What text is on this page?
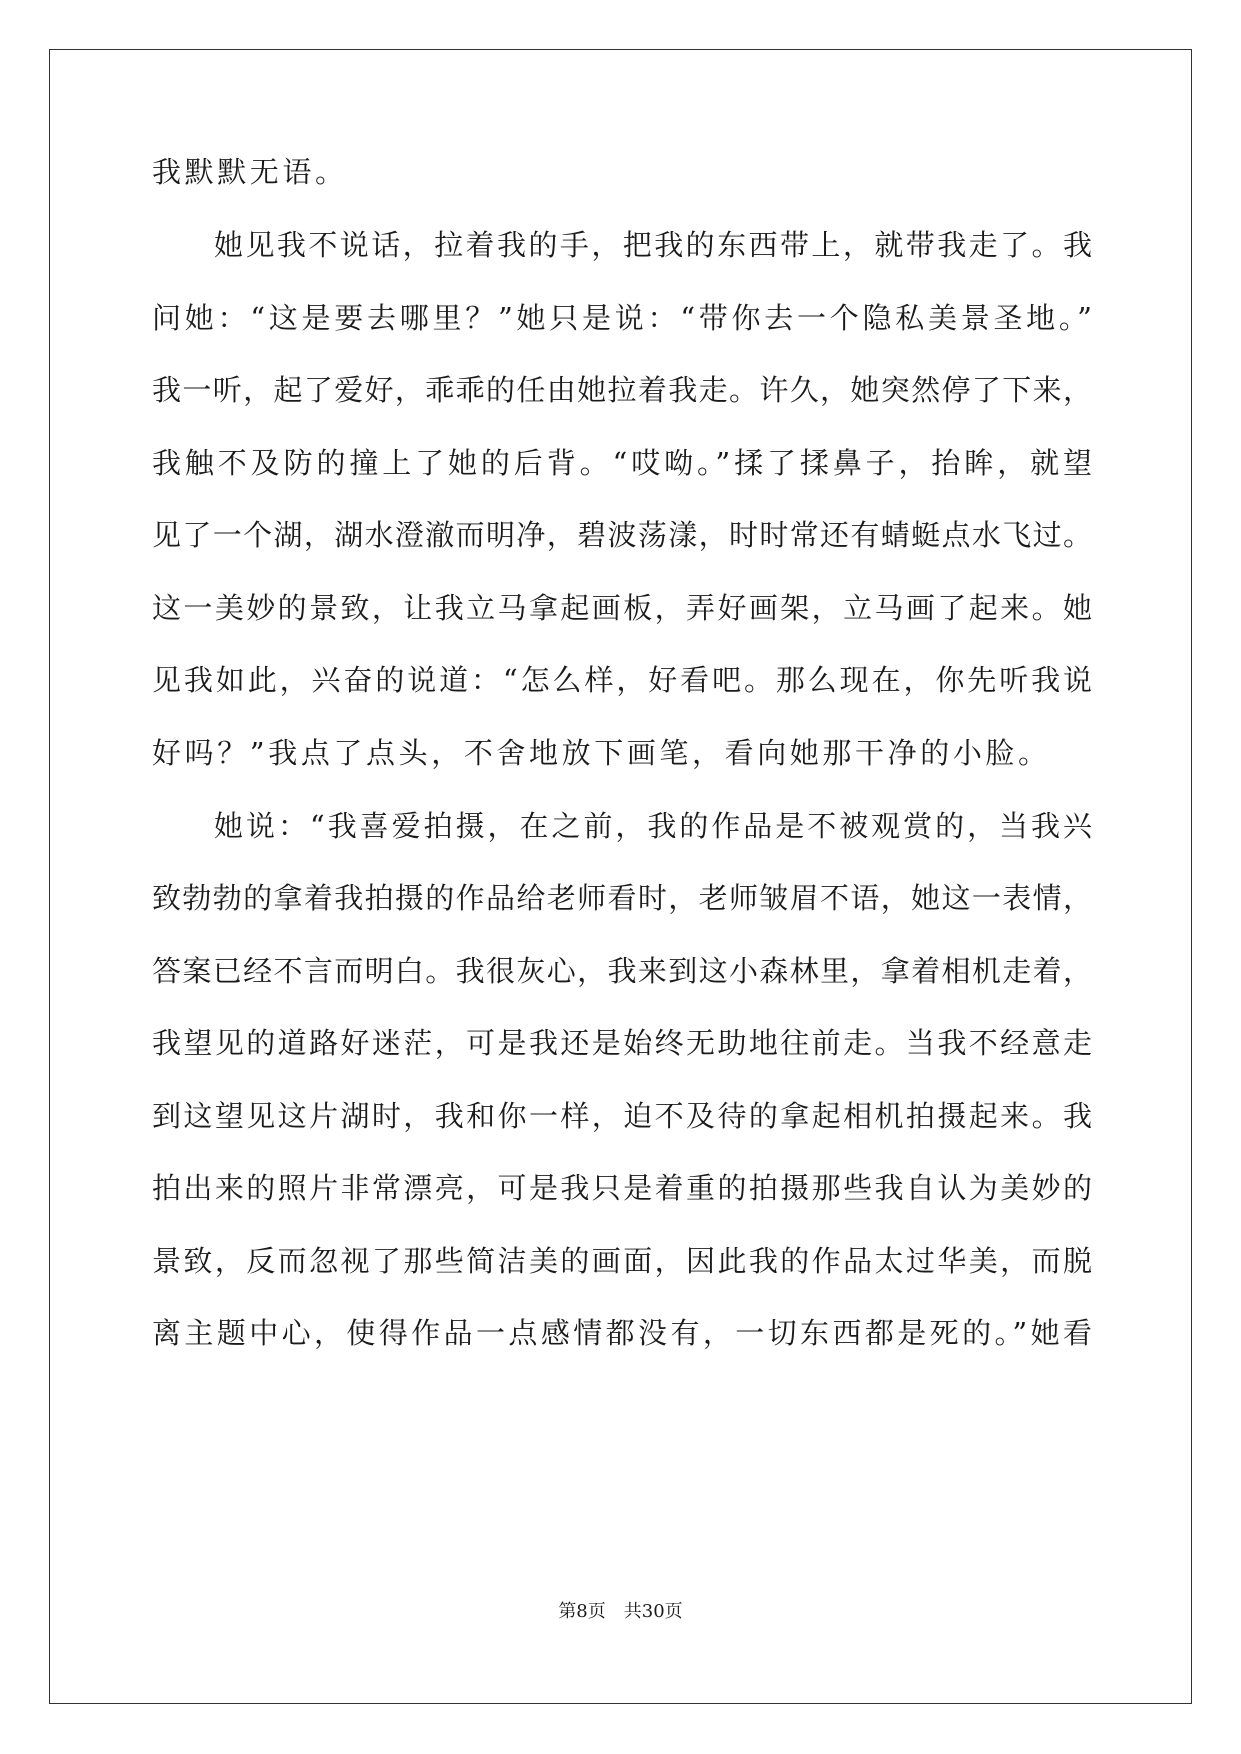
我默默无语。
她见我不说话，拉着我的手，把我的东西带上，就带我走了。我
问她：“这是要去哪里？”她只是说：“带你去一个隐私美景圣地。”
我一听，起了爱好，乖乖的任由她拉着我走。许久，她突然停了下来，
我触不及防的撞上了她的后背。“哎呦。”揉了揉鼻子，抬眸，就望
见了一个湖，湖水澄澈而明净，碧波荡漾，时时常还有蜻蜓点水飞过。
这一美妙的景致，让我立马拿起画板，弄好画架，立马画了起来。她
见我如此，兴奋的说道：“怎么样，好看吧。那么现在，你先听我说
好吗？”我点了点头，不舍地放下画笔，看向她那干净的小脸。
她说：“我喜爱拍摄，在之前，我的作品是不被观赏的，当我兴
致勃勃的拿着我拍摄的作品给老师看时，老师皱眉不语，她这一表情，
答案已经不言而明白。我很灰心，我来到这小森林里，拿着相机走着，
我望见的道路好迷茫，可是我还是始终无助地往前走。当我不经意走
到这望见这片湖时，我和你一样，迫不及待的拿起相机拍摄起来。我
拍出来的照片非常漂亮，可是我只是着重的拍摄那些我自认为美妙的
景致，反而忽视了那些简洁美的画面，因此我的作品太过华美，而脱
离主题中心，使得作品一点感情都没有，一切东西都是死的。”她看
第8页 共30页
